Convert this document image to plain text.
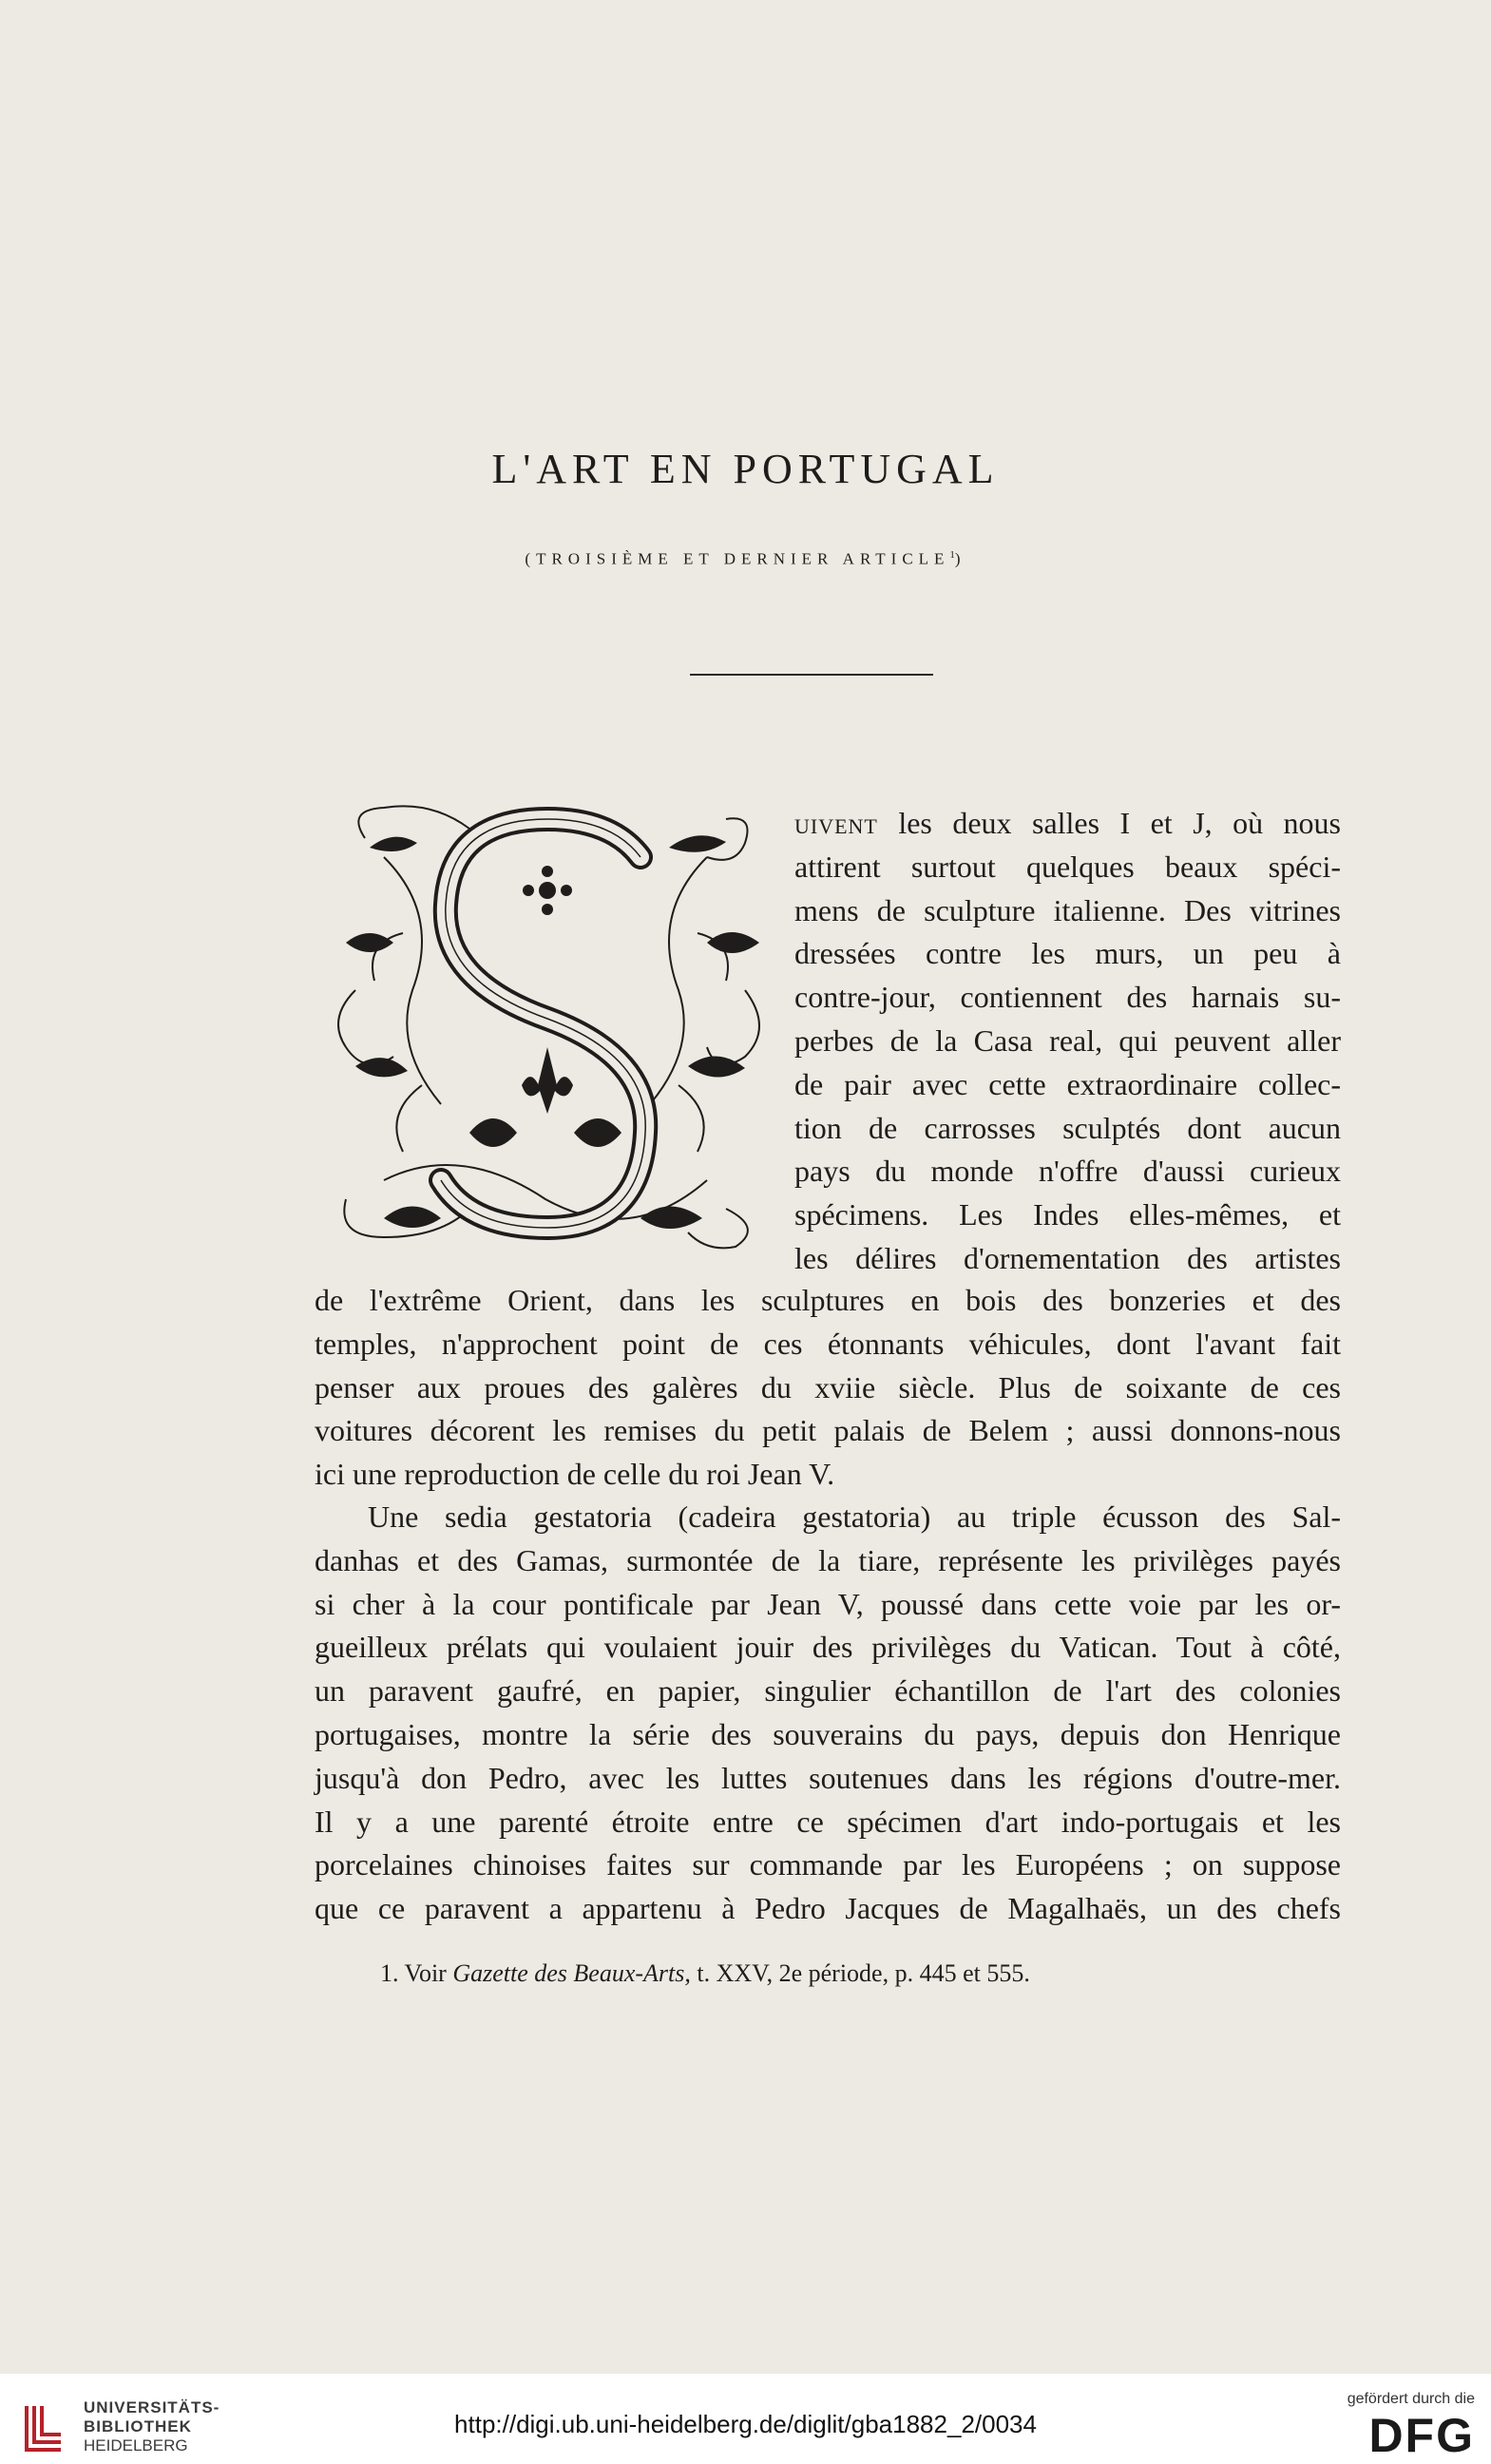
L'ART EN PORTUGAL
(TROISIÈME ET DERNIER ARTICLE$^1$)
uivent les deux salles I et J, où nous
attirent surtout quelques beaux spéci-
mens de sculpture italienne. Des vitrines
dressées contre les murs, un peu à
contre-jour, contiennent des harnais su-
perbes de la Casa real, qui peuvent aller
de pair avec cette extraordinaire collec-
tion de carrosses sculptés dont aucun
pays du monde n'offre d'aussi curieux
spécimens. Les Indes elles-mêmes, et
les délires d'ornementation des artistes
de l'extrême Orient, dans les sculptures en bois des bonzeries et des
temples, n'approchent point de ces étonnants véhicules, dont l'avant fait
penser aux proues des galères du xviie siècle. Plus de soixante de ces
voitures décorent les remises du petit palais de Belem ; aussi donnons-nous
ici une reproduction de celle du roi Jean V.
Une sedia gestatoria (cadeira gestatoria) au triple écusson des Sal-
danhas et des Gamas, surmontée de la tiare, représente les privilèges payés
si cher à la cour pontificale par Jean V, poussé dans cette voie par les or-
gueilleux prélats qui voulaient jouir des privilèges du Vatican. Tout à côté,
un paravent gaufré, en papier, singulier échantillon de l'art des colonies
portugaises, montre la série des souverains du pays, depuis don Henrique
jusqu'à don Pedro, avec les luttes soutenues dans les régions d'outre-mer.
Il y a une parenté étroite entre ce spécimen d'art indo-portugais et les
porcelaines chinoises faites sur commande par les Européens ; on suppose
que ce paravent a appartenu à Pedro Jacques de Magalhaës, un des chefs
1. Voir Gazette des Beaux-Arts, t. XXV, 2e période, p. 445 et 555.
UNIVERSITÄTS-
BIBLIOTHEK
HEIDELBERG
http://digi.ub.uni-heidelberg.de/diglit/gba1882_2/0034
gefördert durch die
DFG
